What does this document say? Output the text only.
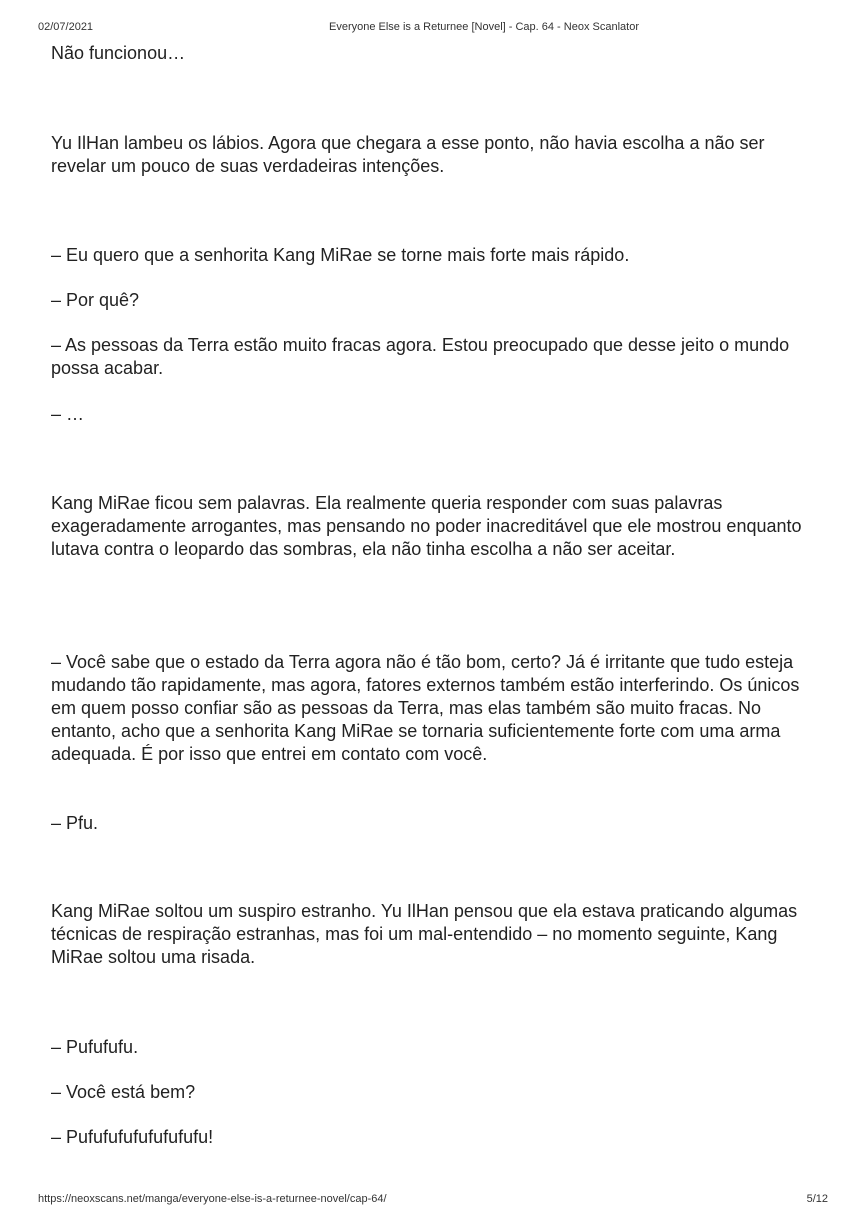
02/07/2021	Everyone Else is a Returnee [Novel] - Cap. 64 - Neox Scanlator

Não funcionou…

Yu IlHan lambeu os lábios. Agora que chegara a esse ponto, não havia escolha a não ser revelar um pouco de suas verdadeiras intenções.

– Eu quero que a senhorita Kang MiRae se torne mais forte mais rápido.

– Por quê?

– As pessoas da Terra estão muito fracas agora. Estou preocupado que desse jeito o mundo possa acabar.

– …

Kang MiRae ficou sem palavras. Ela realmente queria responder com suas palavras exageradamente arrogantes, mas pensando no poder inacreditável que ele mostrou enquanto lutava contra o leopardo das sombras, ela não tinha escolha a não ser aceitar.

– Você sabe que o estado da Terra agora não é tão bom, certo? Já é irritante que tudo esteja mudando tão rapidamente, mas agora, fatores externos também estão interferindo. Os únicos em quem posso confiar são as pessoas da Terra, mas elas também são muito fracas. No entanto, acho que a senhorita Kang MiRae se tornaria suficientemente forte com uma arma adequada. É por isso que entrei em contato com você.

– Pfu.

Kang MiRae soltou um suspiro estranho. Yu IlHan pensou que ela estava praticando algumas técnicas de respiração estranhas, mas foi um mal-entendido – no momento seguinte, Kang MiRae soltou uma risada.

– Pufufufu.

– Você está bem?

– Pufufufufufufufufu!

https://neoxscans.net/manga/everyone-else-is-a-returnee-novel/cap-64/	5/12
